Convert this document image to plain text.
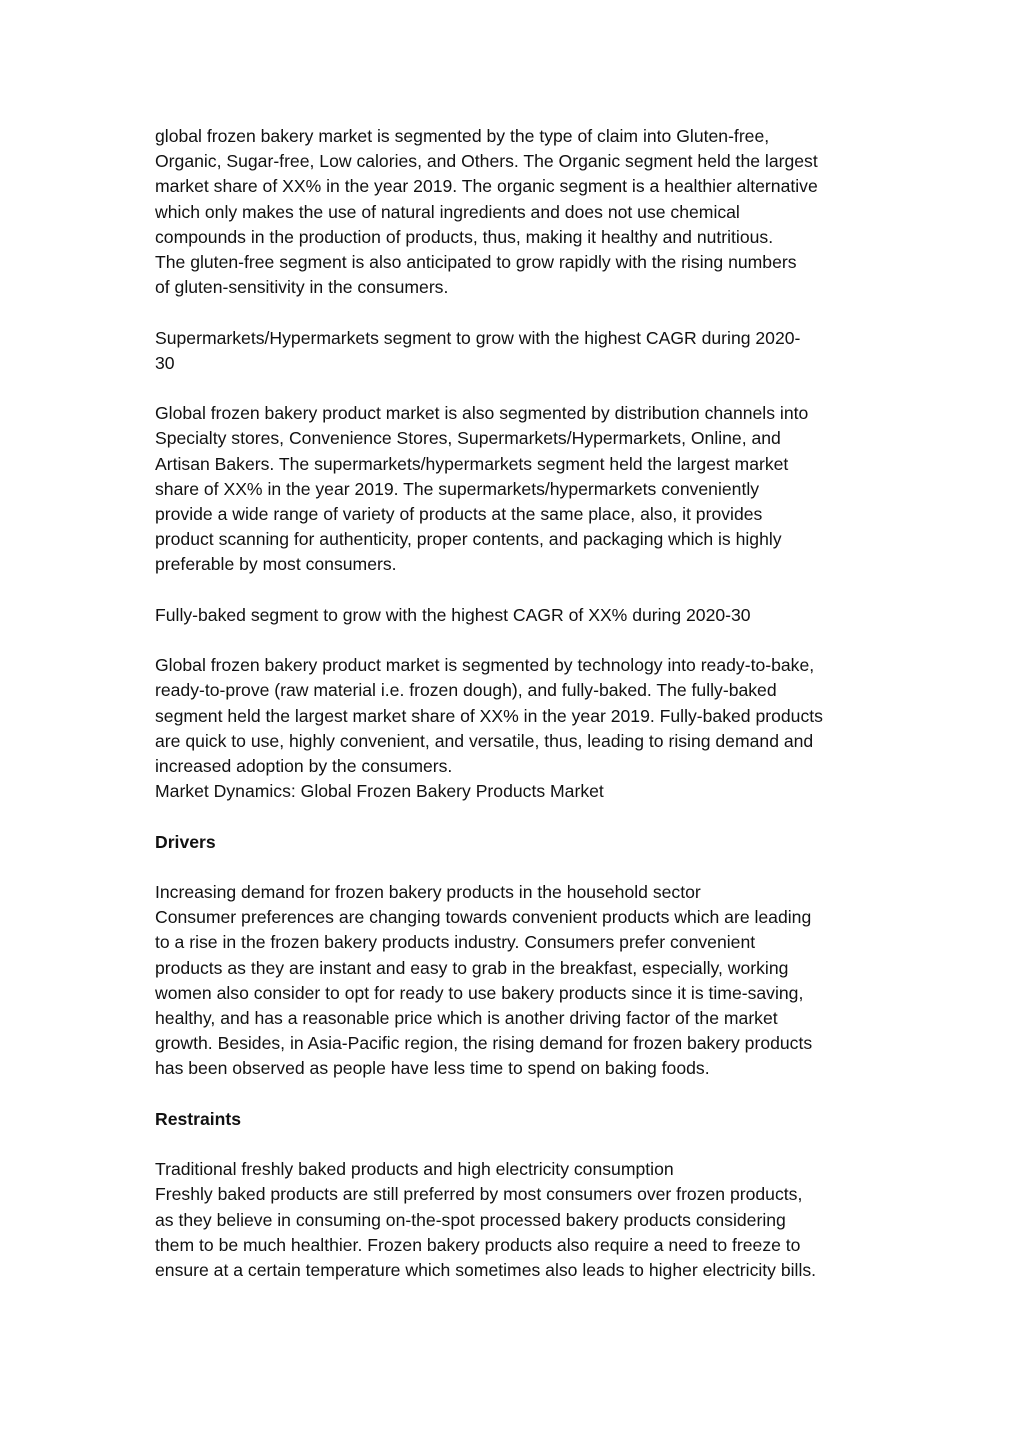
global frozen bakery market is segmented by the type of claim into Gluten-free,
Organic, Sugar-free, Low calories, and Others. The Organic segment held the largest
market share of XX% in the year 2019. The organic segment is a healthier alternative
which only makes the use of natural ingredients and does not use chemical
compounds in the production of products, thus, making it healthy and nutritious.
The gluten-free segment is also anticipated to grow rapidly with the rising numbers
of gluten-sensitivity in the consumers.

Supermarkets/Hypermarkets segment to grow with the highest CAGR during 2020-
30

Global frozen bakery product market is also segmented by distribution channels into
Specialty stores, Convenience Stores, Supermarkets/Hypermarkets, Online, and
Artisan Bakers. The supermarkets/hypermarkets segment held the largest market
share of XX% in the year 2019. The supermarkets/hypermarkets conveniently
provide a wide range of variety of products at the same place, also, it provides
product scanning for authenticity, proper contents, and packaging which is highly
preferable by most consumers.

Fully-baked segment to grow with the highest CAGR of XX% during 2020-30

Global frozen bakery product market is segmented by technology into ready-to-bake,
ready-to-prove (raw material i.e. frozen dough), and fully-baked. The fully-baked
segment held the largest market share of XX% in the year 2019. Fully-baked products
are quick to use, highly convenient, and versatile, thus, leading to rising demand and
increased adoption by the consumers.

Market Dynamics: Global Frozen Bakery Products Market

Drivers

Increasing demand for frozen bakery products in the household sector

Consumer preferences are changing towards convenient products which are leading
to a rise in the frozen bakery products industry. Consumers prefer convenient
products as they are instant and easy to grab in the breakfast, especially, working
women also consider to opt for ready to use bakery products since it is time-saving,
healthy, and has a reasonable price which is another driving factor of the market
growth. Besides, in Asia-Pacific region, the rising demand for frozen bakery products
has been observed as people have less time to spend on baking foods.

Restraints

Traditional freshly baked products and high electricity consumption

Freshly baked products are still preferred by most consumers over frozen products,
as they believe in consuming on-the-spot processed bakery products considering
them to be much healthier. Frozen bakery products also require a need to freeze to
ensure at a certain temperature which sometimes also leads to higher electricity bills.
